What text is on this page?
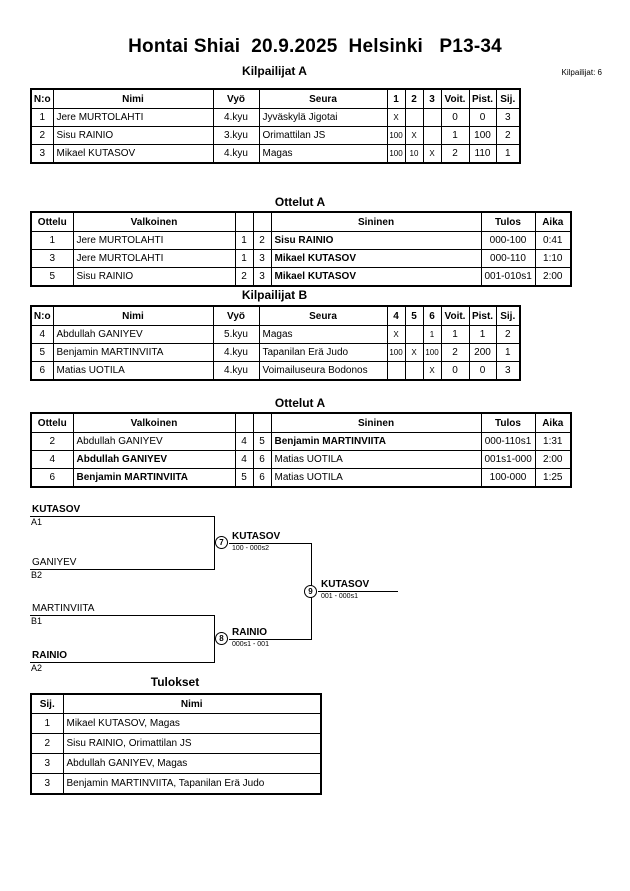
Hontai Shiai  20.9.2025  Helsinki   P13-34
Kilpailijat: 6
Kilpailijat A
N:o	Nimi	Vyö	Seura	1	2	3	Voit.	Pist.	Sij.
1	Jere MURTOLAHTI	4.kyu	Jyväskylä Jigotai	X			0	0	3
2	Sisu RAINIO	3.kyu	Orimattilan JS	100	X		1	100	2
3	Mikael KUTASOV	4.kyu	Magas	100	10	X	2	110	1
Ottelut A
Ottelu	Valkoinen			Sininen	Tulos	Aika
1	Jere MURTOLAHTI	1	2	Sisu RAINIO	000-100	0:41
3	Jere MURTOLAHTI	1	3	Mikael KUTASOV	000-110	1:10
5	Sisu RAINIO	2	3	Mikael KUTASOV	001-010s1	2:00
Kilpailijat B
N:o	Nimi	Vyö	Seura	4	5	6	Voit.	Pist.	Sij.
4	Abdullah GANIYEV	5.kyu	Magas	X		1	1	1	2
5	Benjamin MARTINVIITA	4.kyu	Tapanilan Erä Judo	100	X	100	2	200	1
6	Matias UOTILA	4.kyu	Voimailuseura Bodonos			X	0	0	3
Ottelut A
Ottelu	Valkoinen			Sininen	Tulos	Aika
2	Abdullah GANIYEV	4	5	Benjamin MARTINVIITA	000-110s1	1:31
4	Abdullah GANIYEV	4	6	Matias UOTILA	001s1-000	2:00
6	Benjamin MARTINVIITA	5	6	Matias UOTILA	100-000	1:25
KUTASOV
A1
GANIYEV
B2
MARTINVIITA
B1
RAINIO
A2
7
KUTASOV
100 - 000s2
8
RAINIO
000s1 - 001
9
KUTASOV
001 - 000s1
Tulokset
Sij.	Nimi
1	Mikael KUTASOV, Magas
2	Sisu RAINIO, Orimattilan JS
3	Abdullah GANIYEV, Magas
3	Benjamin MARTINVIITA, Tapanilan Erä Judo
